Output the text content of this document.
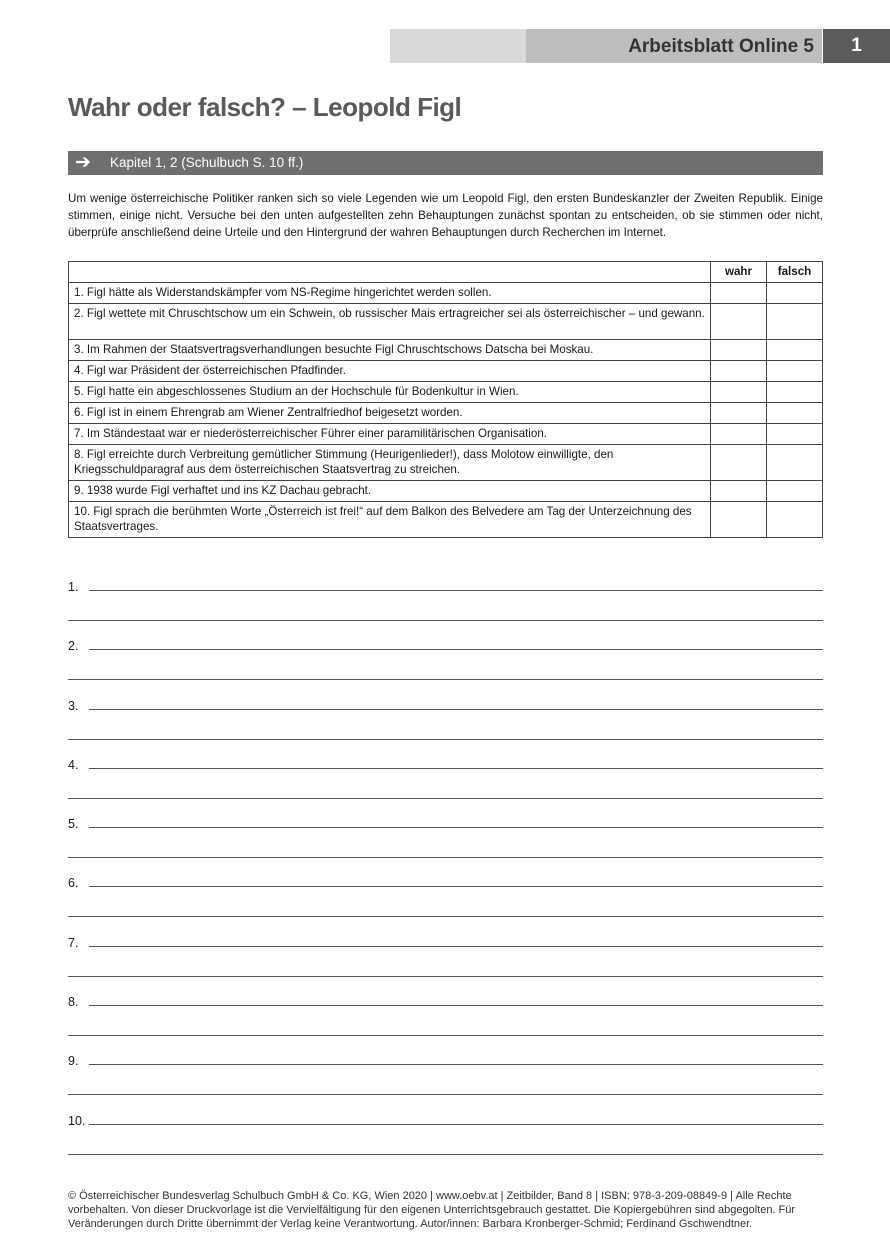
Arbeitsblatt Online 5	1
Wahr oder falsch? – Leopold Figl
➔ Kapitel 1, 2 (Schulbuch S. 10 ff.)

Um wenige österreichische Politiker ranken sich so viele Legenden wie um Leopold Figl, den ersten Bundeskanzler der Zweiten Republik. Einige stimmen, einige nicht. Versuche bei den unten aufgestellten zehn Behauptungen zunächst spontan zu entscheiden, ob sie stimmen oder nicht, überprüfe anschließend deine Urteile und den Hintergrund der wahren Behauptungen durch Recherchen im Internet.

	wahr	falsch
1. Figl hätte als Widerstandskämpfer vom NS-Regime hingerichtet werden sollen.		
2. Figl wettete mit Chruschtschow um ein Schwein, ob russischer Mais ertragreicher sei als österreichischer – und gewann.		
3. Im Rahmen der Staatsvertragsverhandlungen besuchte Figl Chruschtschows Datscha bei Moskau.		
4. Figl war Präsident der österreichischen Pfadfinder.		
5. Figl hatte ein abgeschlossenes Studium an der Hochschule für Bodenkultur in Wien.		
6. Figl ist in einem Ehrengrab am Wiener Zentralfriedhof beigesetzt worden.		
7. Im Ständestaat war er niederösterreichischer Führer einer paramilitärischen Organisation.		
8. Figl erreichte durch Verbreitung gemütlicher Stimmung (Heurigenlieder!), dass Molotow einwilligte, den Kriegsschuldparagraf aus dem österreichischen Staatsvertrag zu streichen.		
9. 1938 wurde Figl verhaftet und ins KZ Dachau gebracht.		
10. Figl sprach die berühmten Worte „Österreich ist frei!“ auf dem Balkon des Belvedere am Tag der Unterzeichnung des Staatsvertrages.		
1.
2.
3.
4.
5.
6.
7.
8.
9.
10.

© Österreichischer Bundesverlag Schulbuch GmbH & Co. KG, Wien 2020 | www.oebv.at | Zeitbilder, Band 8 | ISBN: 978-3-209-08849-9 | Alle Rechte vorbehalten. Von dieser Druckvorlage ist die Vervielfältigung für den eigenen Unterrichtsgebrauch gestattet. Die Kopiergebühren sind abgegolten. Für Veränderungen durch Dritte übernimmt der Verlag keine Verantwortung. Autor/innen: Barbara Kronberger-Schmid; Ferdinand Gschwendtner.
